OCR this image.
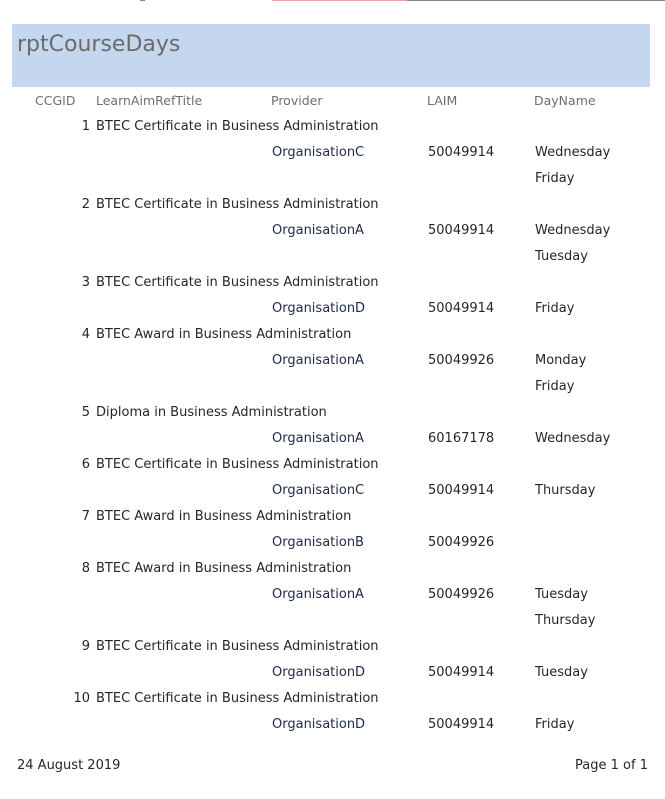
rptCourseDays
CCGID LearnAimRefTitle	Provider	LAIM	DayName
1 BTEC Certificate in Business Administration
OrganisationC	50049914	Wednesday
Friday
2 BTEC Certificate in Business Administration
OrganisationA	50049914	Wednesday
Tuesday
3 BTEC Certificate in Business Administration
OrganisationD	50049914	Friday
4 BTEC Award in Business Administration
OrganisationA	50049926	Monday
Friday
5 Diploma in Business Administration
OrganisationA	60167178	Wednesday
6 BTEC Certificate in Business Administration
OrganisationC	50049914	Thursday
7 BTEC Award in Business Administration
OrganisationB	50049926
8 BTEC Award in Business Administration
OrganisationA	50049926	Tuesday
Thursday
9 BTEC Certificate in Business Administration
OrganisationD	50049914	Tuesday
10 BTEC Certificate in Business Administration
OrganisationD	50049914	Friday
24 August 2019	Page 1 of 1
